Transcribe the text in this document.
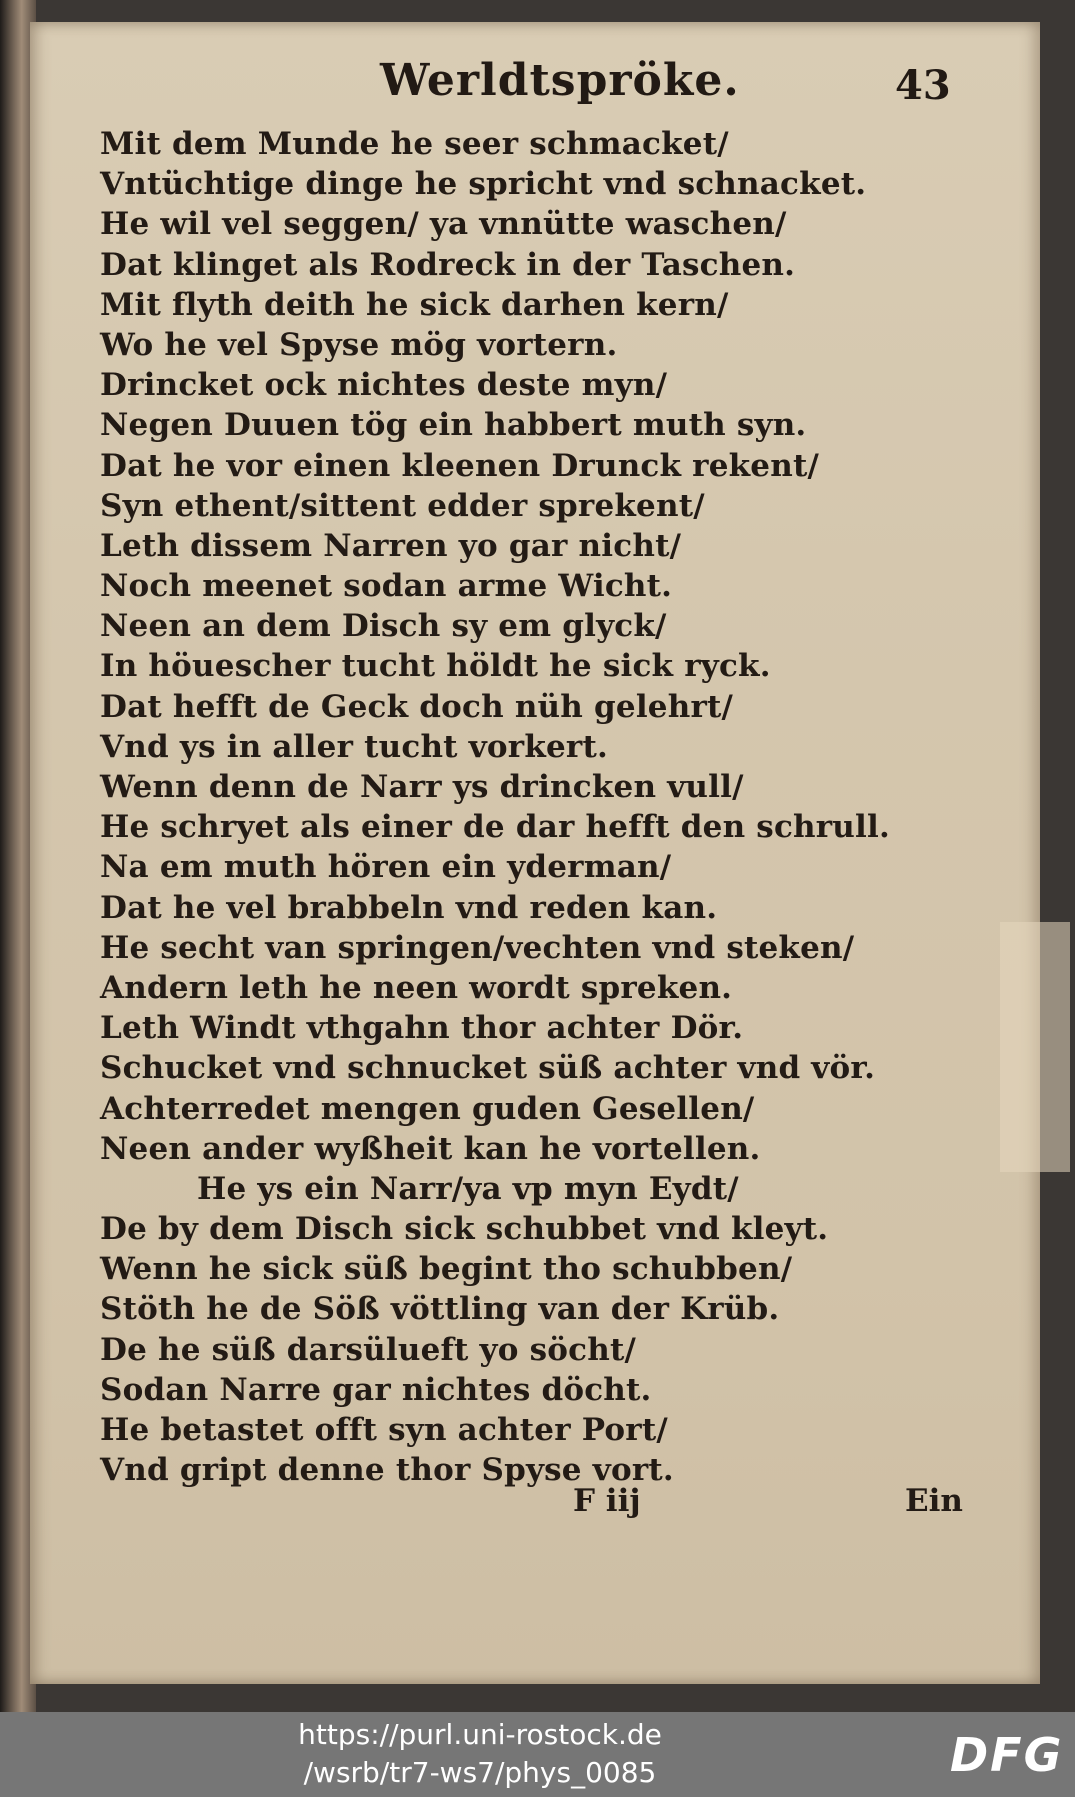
Werldtspröke.	43
Mit dem Munde he seer schmacket/
Vntüchtige dinge he spricht vnd schnacket.
He wil vel seggen/ ya vnnütte waschen/
Dat klinget als Rodreck in der Taschen.
Mit flyth deith he sick darhen kern/
Wo he vel Spyse mög vortern.
Drincket ock nichtes deste myn/
Negen Duuen tög ein habbert muth syn.
Dat he vor einen kleenen Drunck rekent/
Syn ethent/sittent edder sprekent/
Leth dissem Narren yo gar nicht/
Noch meenet sodan arme Wicht.
Neen an dem Disch sy em glyck/
In höuescher tucht höldt he sick ryck.
Dat hefft de Geck doch nüh gelehrt/
Vnd ys in aller tucht vorkert.
Wenn denn de Narr ys drincken vull/
He schryet als einer de dar hefft den schrull.
Na em muth hören ein yderman/
Dat he vel brabbeln vnd reden kan.
He secht van springen/vechten vnd steken/
Andern leth he neen wordt spreken.
Leth Windt vthgahn thor achter Dör.
Schucket vnd schnucket süß achter vnd vör.
Achterredet mengen guden Gesellen/
Neen ander wyßheit kan he vortellen.
He ys ein Narr/ya vp myn Eydt/
De by dem Disch sick schubbet vnd kleyt.
Wenn he sick süß begint tho schubben/
Stöth he de Söß vöttling van der Krüb.
De he süß darsülueft yo söcht/
Sodan Narre gar nichtes döcht.
He betastet offt syn achter Port/
Vnd gript denne thor Spyse vort.
F iij	Ein
https://purl.uni-rostock.de
/wsrb/tr7-ws7/phys_0085	DFG
